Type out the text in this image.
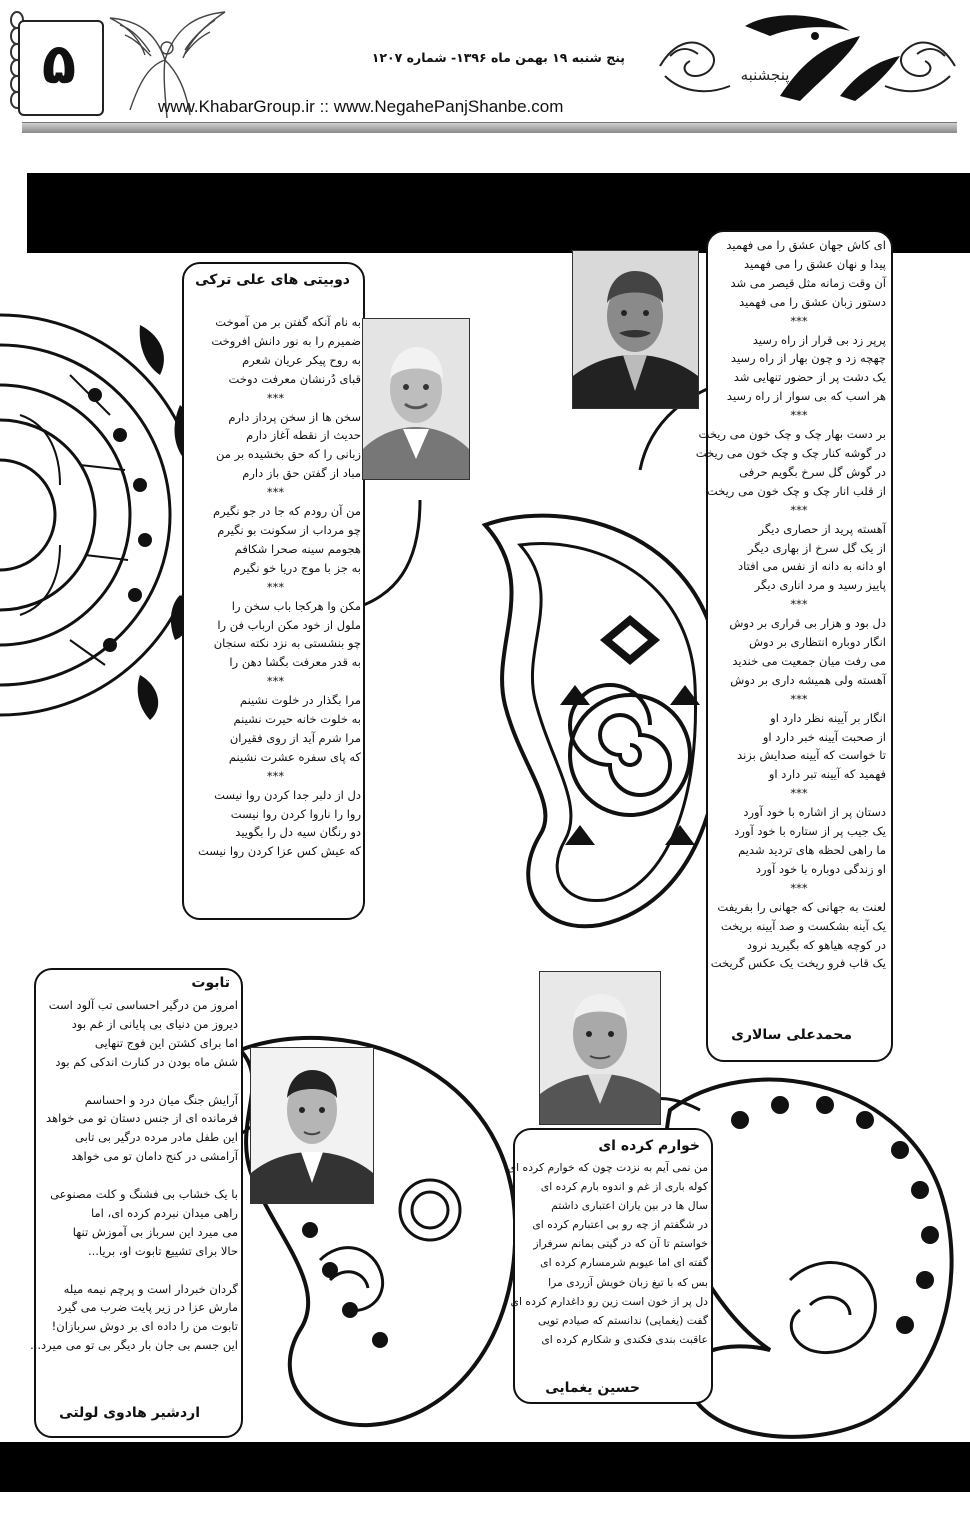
۵	پنج شنبه ۱۹ بهمن ماه ۱۳۹۶- شماره ۱۲۰۷
www.KhabarGroup.ir :: www.NegahePanjShanbe.com
پنجشنبه
دوبیتی های علی ترکی
به نام آنکه گفتن بر من آموخت
ضمیرم را به نور دانش افروخت
به روح پیکر عریان شعرم
قبای دُرنشان معرفت دوخت
***
سخن ها از سخن پرداز دارم
حدیث از نقطه آغاز دارم
زبانی را که حق بخشیده بر من
مباد از گفتن حق باز دارم
***
من آن رودم که جا در جو نگیرم
چو مرداب از سکونت بو نگیرم
هجومم سینه صحرا شکافم
به جز با موج دریا خو نگیرم
***
مکن وا هرکجا باب سخن را
ملول از خود مکن ارباب فن را
چو بنشستی به نزد نکته سنجان
به قدر معرفت بگشا دهن را
***
مرا بگذار در خلوت نشینم
به خلوت خانه حیرت نشینم
مرا شرم آید از روی فقیران
که پای سفره عشرت نشینم
***
دل از دلبر جدا کردن روا نیست
روا را ناروا کردن روا نیست
دو رنگان سیه دل را بگویید
که عیش کس عزا کردن روا نیست
ای کاش جهان عشق را می فهمید
پیدا و نهان عشق را می فهمید
آن وقت زمانه مثل قیصر می شد
دستور زبان عشق را می فهمید
***
پرپر زد بی قرار از راه رسید
چهچه زد و چون بهار از راه رسید
یک دشت پر از حضور تنهایی شد
هر اسب که بی سوار از راه رسید
***
بر دست بهار چک و چک خون می ریخت
در گوشه کنار چک و چک خون می ریخت
در گوش گل سرخ بگویم حرفی
از قلب انار چک و چک خون می ریخت
***
آهسته پرید از حصاری دیگر
از یک گل سرخ از بهاری دیگر
او دانه به دانه از نفس می افتاد
پاییز رسید و مرد اناری دیگر
***
دل بود و هزار بی قراری بر دوش
انگار دوباره انتظاری بر دوش
می رفت میان جمعیت می خندید
آهسته ولی همیشه داری بر دوش
***
انگار بر آیینه نظر دارد او
از صحبت آیینه خبر دارد او
تا خواست که آیینه صدایش بزند
فهمید که آیینه تبر دارد او
***
دستان پر از اشاره با خود آورد
یک جیب پر از ستاره با خود آورد
ما راهی لحظه های تردید شدیم
او زندگی دوباره با خود آورد
***
لعنت به جهانی که جهانی را بفریفت
یک آینه بشکست و صد آیینه بریخت
در کوچه هیاهو که بگیرید نرود
یک قاب فرو ریخت یک عکس گریخت
محمدعلی سالاری
تابوت
امروز من درگیر احساسی تب آلود است
دیروز من دنیای بی پایانی از غم بود
اما برای کشتن این فوج تنهایی
شش ماه بودن در کنارت اندکی کم بود
آرایش جنگ میان درد و احساسم
فرمانده ای از جنس دستان تو می خواهد
این طفل مادر مرده درگیر بی تابی
آرامشی در کنج دامان تو می خواهد
با یک خشاب بی فشنگ و کلت مصنوعی
راهی میدان نبردم کرده ای، اما
می میرد این سرباز بی آموزش تنها
حالا برای تشییع تابوت او، بریا...
گردان خبردار است و پرچم نیمه میله
مارش عزا در زیر پایت ضرب می گیرد
تابوت من را داده ای بر دوش سربازان!
این جسم بی جان بار دیگر بی تو می میرد...
اردشیر هادوی لولتی
خوارم کرده ای
من نمی آیم به نزدت چون که خوارم کرده ای
کوله باری از غم و اندوه بارم کرده ای
سال ها در بین یاران اعتباری داشتم
در شگفتم از چه رو بی اعتبارم کرده ای
خواستم تا آن که در گیتی بمانم سرفراز
گفته ای اما عیوبم شرمسارم کرده ای
بس که با تیغ زبان خویش آزردی مرا
دل پر از خون است زین رو داغدارم کرده ای
گفت (یغمایی) ندانستم که صیادم تویی
عاقبت بندی فکندی و شکارم کرده ای
حسین یغمایی
